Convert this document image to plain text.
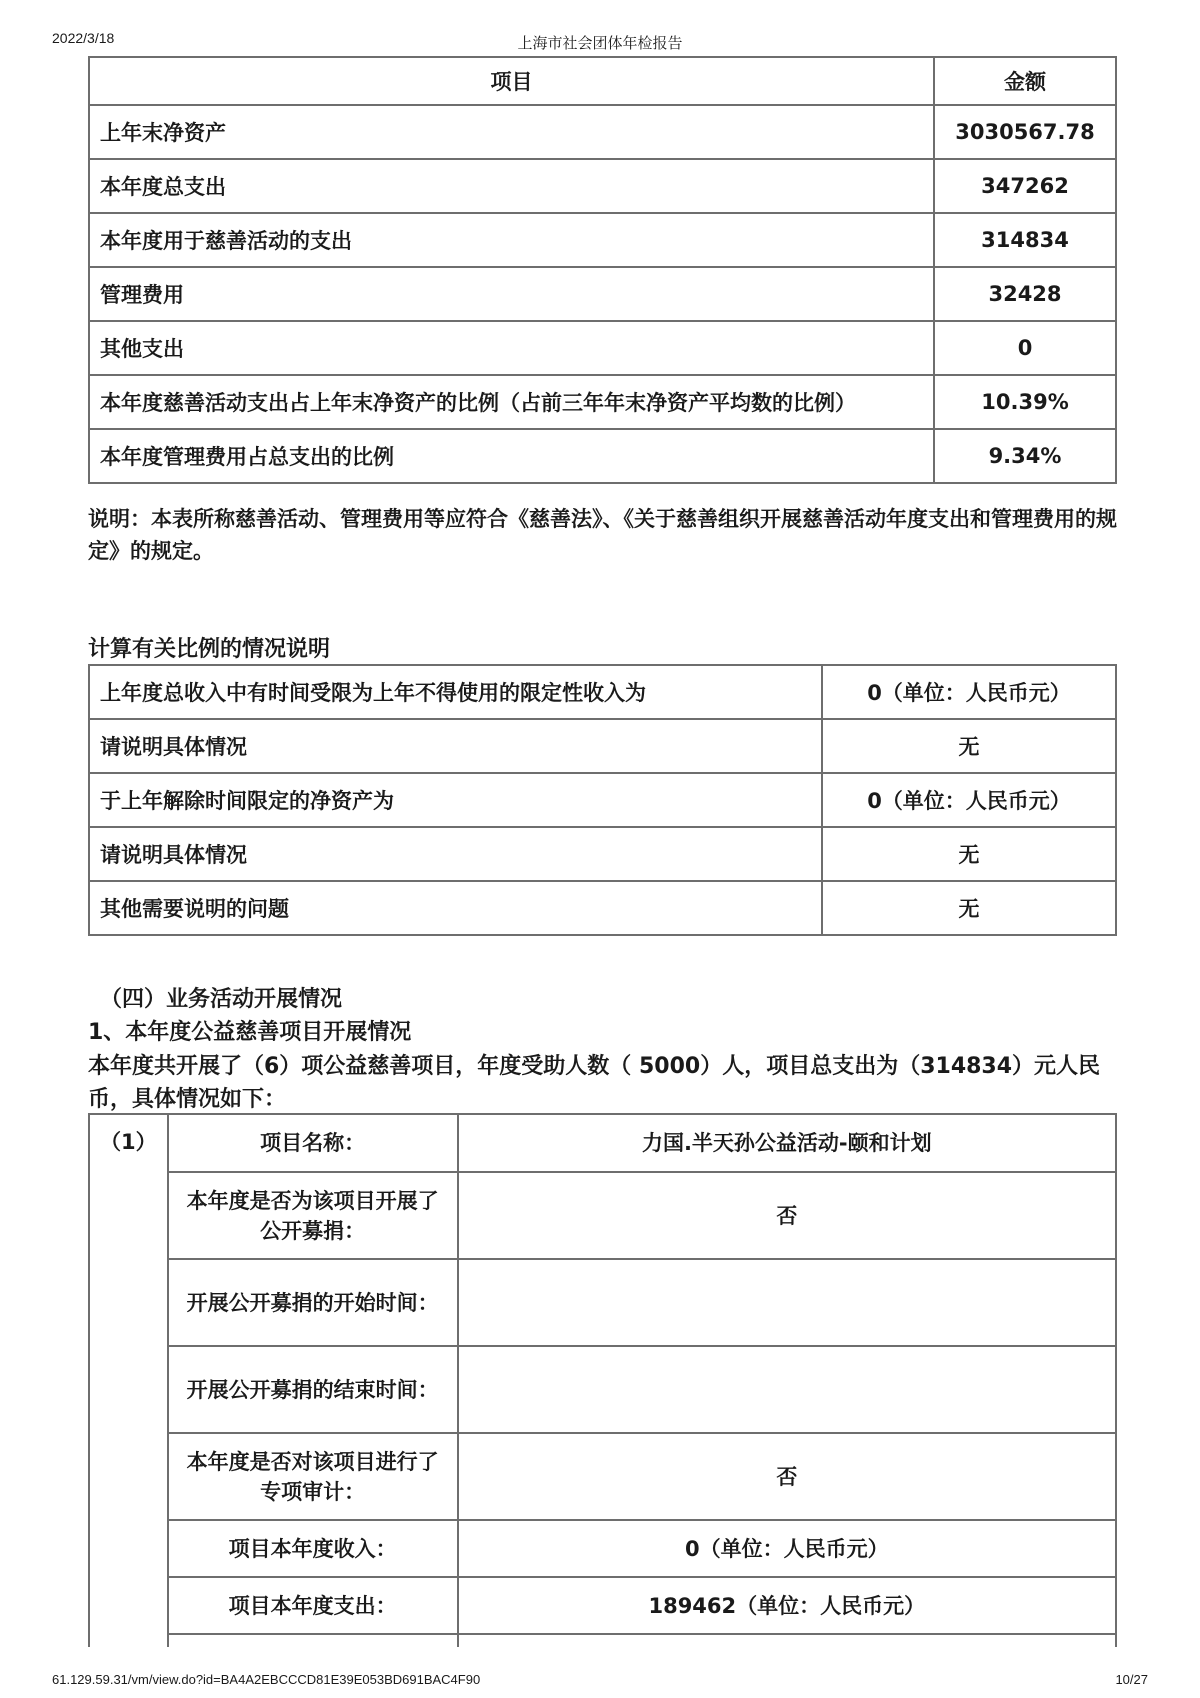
2022/3/18	上海市社会团体年检报告
项目	金额
上年末净资产	3030567.78
本年度总支出	347262
本年度用于慈善活动的支出	314834
管理费用	32428
其他支出	0
本年度慈善活动支出占上年末净资产的比例（占前三年年末净资产平均数的比例）	10.39%
本年度管理费用占总支出的比例	9.34%
说明：本表所称慈善活动、管理费用等应符合《慈善法》、《关于慈善组织开展慈善活动年度支出和管理费用的规定》的规定。
计算有关比例的情况说明
上年度总收入中有时间受限为上年不得使用的限定性收入为	0（单位：人民币元）
请说明具体情况	无
于上年解除时间限定的净资产为	0（单位：人民币元）
请说明具体情况	无
其他需要说明的问题	无
（四）业务活动开展情况
1、本年度公益慈善项目开展情况
本年度共开展了（6）项公益慈善项目，年度受助人数（ 5000）人，项目总支出为（314834）元人民币，具体情况如下：
（1）	项目名称：	力国.半天孙公益活动-颐和计划
	本年度是否为该项目开展了公开募捐：	否
	开展公开募捐的开始时间：	
	开展公开募捐的结束时间：	
	本年度是否对该项目进行了专项审计：	否
	项目本年度收入：	0（单位：人民币元）
	项目本年度支出：	189462（单位：人民币元）

61.129.59.31/vm/view.do?id=BA4A2EBCCCD81E39E053BD691BAC4F90	10/27
